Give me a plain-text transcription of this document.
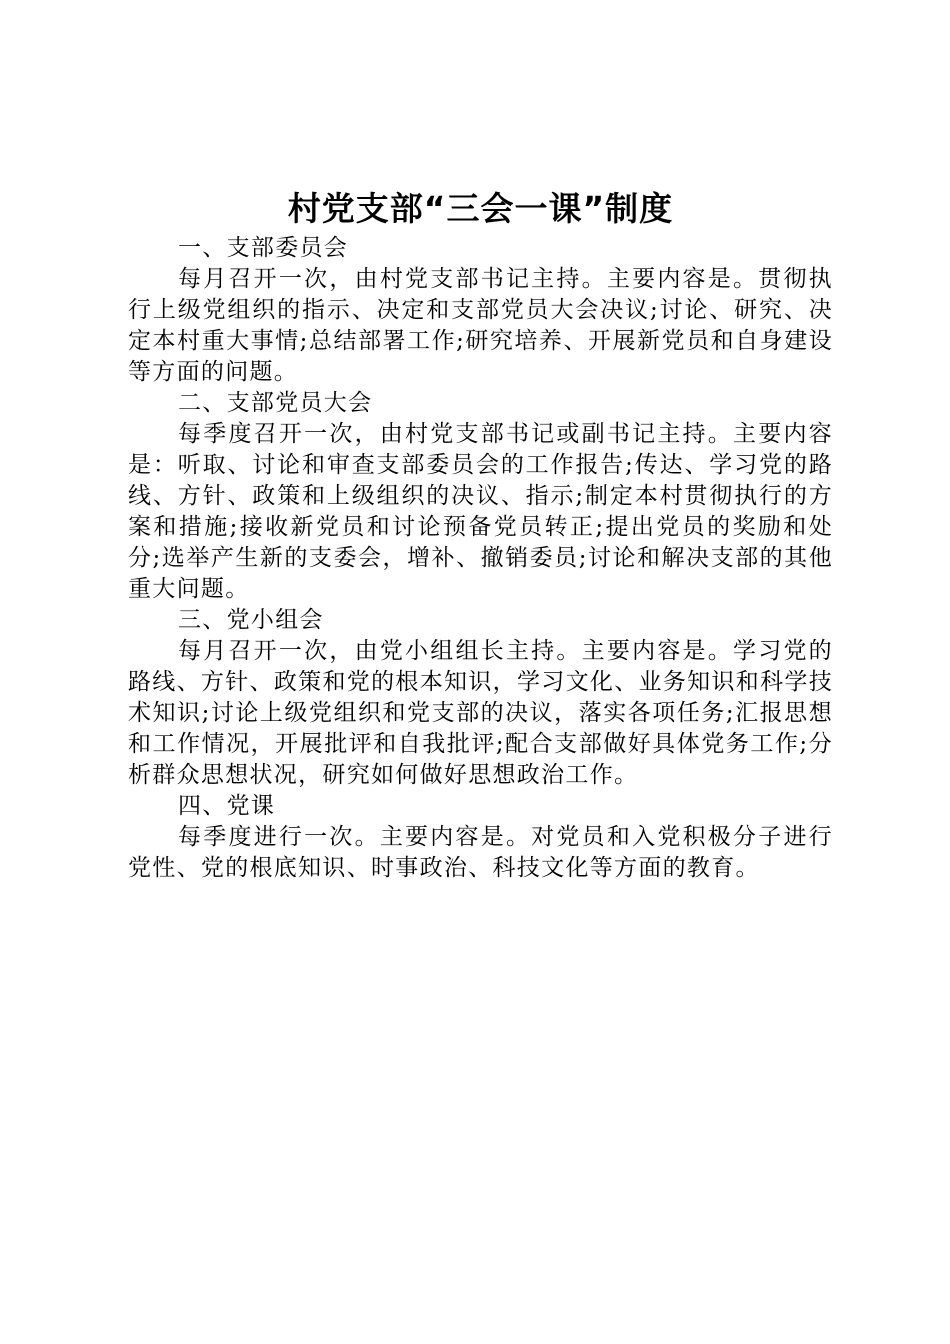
村党支部“三会一课”制度

一、支部委员会

每月召开一次，由村党支部书记主持。主要内容是。贯彻执行上级党组织的指示、决定和支部党员大会决议;讨论、研究、决定本村重大事情;总结部署工作;研究培养、开展新党员和自身建设等方面的问题。

二、支部党员大会

每季度召开一次，由村党支部书记或副书记主持。主要内容是：听取、讨论和审查支部委员会的工作报告;传达、学习党的路线、方针、政策和上级组织的决议、指示;制定本村贯彻执行的方案和措施;接收新党员和讨论预备党员转正;提出党员的奖励和处分;选举产生新的支委会，增补、撤销委员;讨论和解决支部的其他重大问题。

三、党小组会

每月召开一次，由党小组组长主持。主要内容是。学习党的路线、方针、政策和党的根本知识，学习文化、业务知识和科学技术知识;讨论上级党组织和党支部的决议，落实各项任务;汇报思想和工作情况，开展批评和自我批评;配合支部做好具体党务工作;分析群众思想状况，研究如何做好思想政治工作。

四、党课

每季度进行一次。主要内容是。对党员和入党积极分子进行党性、党的根底知识、时事政治、科技文化等方面的教育。
